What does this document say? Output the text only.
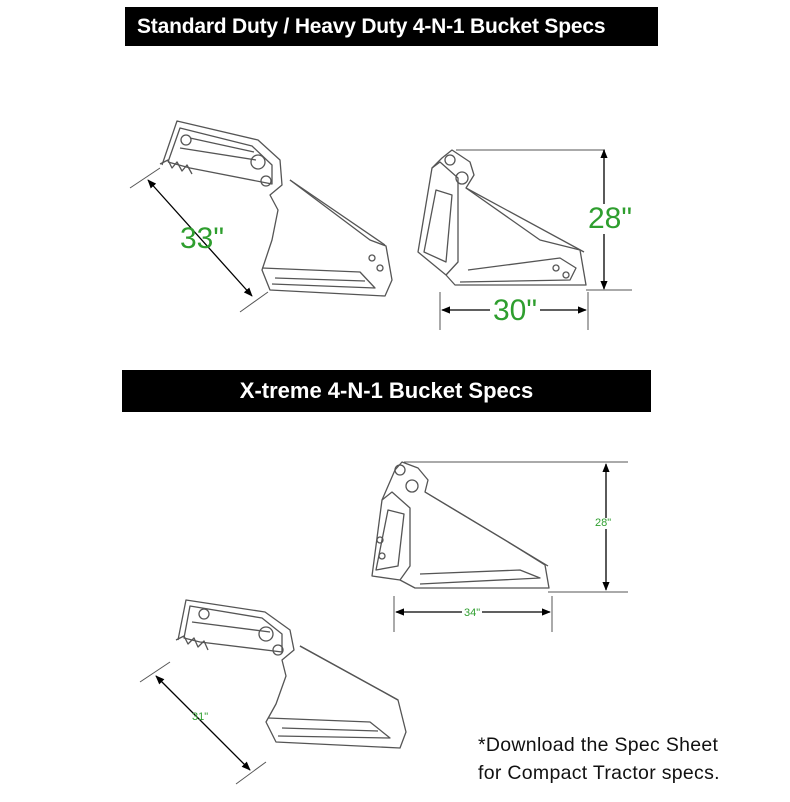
Standard Duty / Heavy Duty 4-N-1 Bucket Specs
X-treme 4-N-1 Bucket Specs
33"
28"
30"
28"
34"
31"
*Download the Spec Sheet
for Compact Tractor specs.
